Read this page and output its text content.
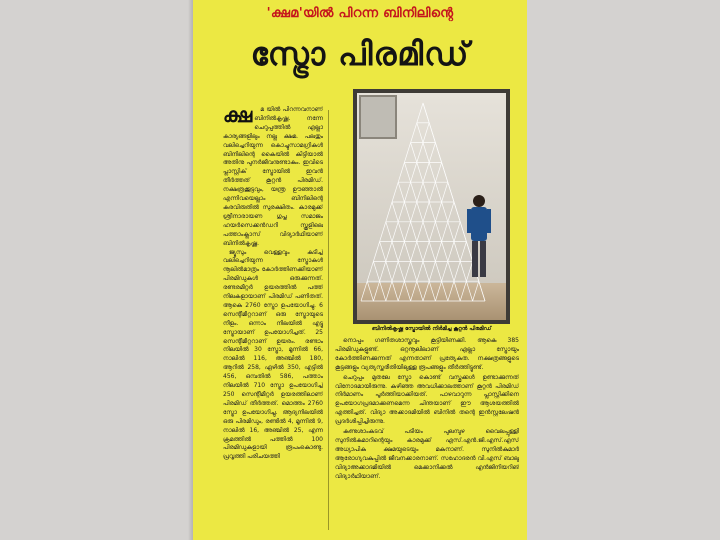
'ക്ഷമ'യിൽ പിറന്ന ബിനിലിന്റെ
സ്ട്രോ പിരമിഡ്
ക്ഷ	മ യിൽ പിറന്നവനാണ് ബിനിൽകൃഷ്ണ. നന്നേ ചെറുപ്പത്തിൽ എല്ലാ കാര്യങ്ങളിലും നല്ല ക്ഷമ. പലതും വലിച്ചെറിയുന്ന കൊച്ചുസാമഗ്രികൾ ബിനിലിന്റെ കൈയിൽ കിട്ടിയാൽ അതിനു പുനർജീവനുണ്ടാകും. ഇവിടെ പ്ലാസ്റ്റിക് സ്ട്രോയിൽ ഇവൻ തീർത്തത് കൂറ്റൻ പിരമിഡ്. നക്ഷത്രക്കൂട്ടവും, യന്ത്ര ഊഞ്ഞാൽ എന്നിവയെല്ലാം ബിനിലിന്റെ കരവിരുതിൽ സുരക്ഷിതം. കാരമുക്ക് ശ്രീനാരായണ ഗുപ്ത സമാജം ഹയർസെക്കൻഡറി സ്കൂളിലെ പത്താംക്ലാസ് വിദ്യാർഥിയാണ് ബിനിൽകൃഷ്ണ.

ജ്യൂസും വെള്ളവും കുടിച്ച് വലിച്ചെറിയുന്ന സ്ട്രോകൾ നൂലിൽമാത്രം കോർത്തിണക്കിയാണ് പിരമിഡുകൾ ഒരുക്കുന്നത്. രണ്ടരമീറ്റർ ഉയരത്തിൽ പത്ത് നിലകളായാണ് പിരമിഡ് പണിതത്. ആകെ 2760 സ്ട്രോ ഉപയോഗിച്ചു. 6 സെന്റീമീറ്ററാണ് ഒരു സ്ട്രോയുടെ നീളം. ഒന്നാം നിലയിൽ എട്ടു സ്ട്രോയാണ് ഉപയോഗിച്ചത്. 25 സെന്റീമീറ്ററാണ് ഉയരം. രണ്ടാം നിലയിൽ 30 സ്ട്രോ, മൂന്നിൽ 66, നാലിൽ 116, അഞ്ചിൽ 180, ആറിൽ 258, ഏഴിൽ 350, എട്ടിൽ 456, ഒമ്പതിൽ 586, പത്താം നിലയിൽ 710 സ്ട്രോ ഉപയോഗിച്ച് 250 സെന്റീമീറ്റർ ഉയരത്തിലാണ് പിരമിഡ് തീർത്തത്. മൊത്തം 2760 സ്ട്രോ ഉപയോഗിച്ചു. ആദ്യനിലയിൽ ഒരു പിരമിഡും, രണ്ടിൽ 4, മൂന്നിൽ 9, നാലിൽ 16, അഞ്ചിൽ 25, എന്ന ക്രമത്തിൽ പത്തിൽ 100 പിരമിഡുകളായി രൂപംകൊണ്ടു. പ്രവൃത്തി പരിചയത്തി

ബിനിൽകൃഷ്ണ സ്ട്രോയിൽ നിർമിച്ച കൂറ്റൻ പിരമിഡ്

നൊപ്പം ഗണിതശാസ്ത്രവും കൂട്ടിയിണക്കി. ആകെ 385 പിരമിഡുകളുണ്ട്. ഒറ്റനൂലിലാണ് എല്ലാ സ്ട്രോയും കോർത്തിണക്കുന്നത് എന്നതാണ് പ്രത്യേകത. നക്ഷത്രങ്ങളുടെ കൂട്ടങ്ങളും വ്യത്യസ്തരീതിയിലുള്ള രൂപങ്ങളും തീർത്തിട്ടുണ്ട്.

ചെറുപ്പം മുതലേ സ്ട്രോ കൊണ്ട് വസ്തുക്കൾ ഉണ്ടാക്കുന്നത് വിനോദമായിരുന്നു. കഴിഞ്ഞ അവധിക്കാലത്താണ് കൂറ്റൻ പിരമിഡ് നിർമാണം പൂർത്തിയാക്കിയത്. പാഴവാറുന്ന പ്ലാസ്റ്റിക്കിനെ ഉപയോഗപ്രദമാക്കണമെന്ന ചിന്തയാണ് ഈ ആശയത്തിൽ എത്തിച്ചത്. വിദ്യാ അക്കാദമിയിൽ ബിനിൽ തന്റെ ഇൻസ്റ്റലേഷൻ പ്രദർശിപ്പിച്ചിരുന്നു.

കണ്ടശാംകടവ് പടിയം പുലമ്പുഴ വൈലപ്പുള്ളി സുനിൽകുമാറിന്റെയും കാരമുക്ക് എസ്.എൻ.ജി.എസ്.എസ് അധ്യാപിക ക്ഷമയുടെയും മകനാണ്. സുനിൽകുമാർ ആരോഗ്യവകുപ്പിൽ ജീവനക്കാരനാണ്. സഹോദരൻ വി.എസ് ബാലു വിദ്യാഅക്കാദമിയിൽ മെക്കാനിക്കൽ എൻജിനിയറിങ് വിദ്യാർഥിയാണ്.
